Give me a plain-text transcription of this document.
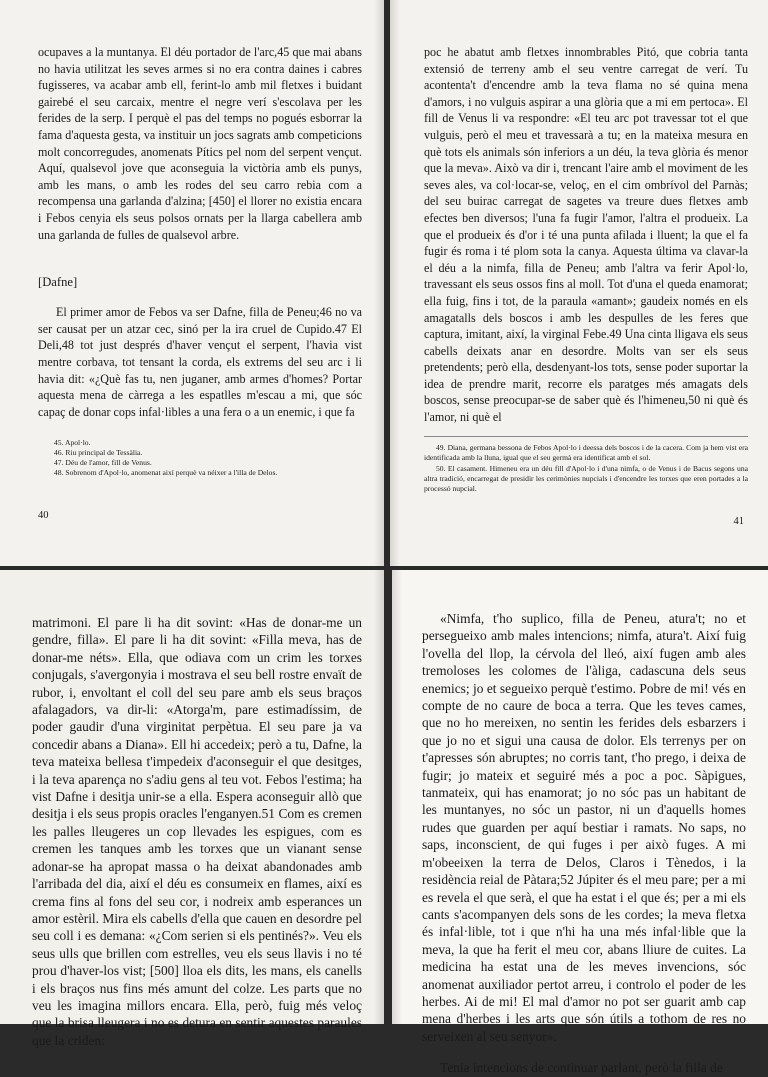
ocupaves a la muntanya. El déu portador de l'arc,45 que mai abans no havia utilitzat les seves armes si no era contra daines i cabres fugisseres, va acabar amb ell, ferint-lo amb mil fletxes i buidant gairebé el seu carcaix, mentre el negre verí s'escolava per les ferides de la serp. I perquè el pas del temps no pogués esborrar la fama d'aquesta gesta, va instituir un jocs sagrats amb competicions molt concorregudes, anomenats Pítics pel nom del serpent vençut. Aquí, qualsevol jove que aconseguia la victòria amb els punys, amb les mans, o amb les rodes del seu carro rebia com a recompensa una garlanda d'alzina; [450] el llorer no existia encara i Febos cenyia els seus polsos ornats per la llarga cabellera amb una garlanda de fulles de qualsevol arbre.

[Dafne]

El primer amor de Febos va ser Dafne, filla de Peneu;46 no va ser causat per un atzar cec, sinó per la ira cruel de Cupido.47 El Deli,48 tot just després d'haver vençut el serpent, l'havia vist mentre corbava, tot tensant la corda, els extrems del seu arc i li havia dit: «¿Què fas tu, nen juganer, amb armes d'homes? Portar aquesta mena de càrrega a les espatlles m'escau a mi, que sóc capaç de donar cops infal·libles a una fera o a un enemic, i que fa

45. Apol·lo.

46. Riu principal de Tessàlia.

47. Déu de l'amor, fill de Venus.

48. Sobrenom d'Apol·lo, anomenat així perquè va néixer a l'illa de Delos.

40

poc he abatut amb fletxes innombrables Pitó, que cobria tanta extensió de terreny amb el seu ventre carregat de verí. Tu acontenta't d'encendre amb la teva flama no sé quina mena d'amors, i no vulguis aspirar a una glòria que a mi em pertoca». El fill de Venus li va respondre: «El teu arc pot travessar tot el que vulguis, però el meu et travessarà a tu; en la mateixa mesura en què tots els animals són inferiors a un déu, la teva glòria és menor que la meva». Això va dir i, trencant l'aire amb el moviment de les seves ales, va col·locar-se, veloç, en el cim ombrívol del Parnàs; del seu buirac carregat de sagetes va treure dues fletxes amb efectes ben diversos; l'una fa fugir l'amor, l'altra el produeix. La que el produeix és d'or i té una punta afilada i lluent; la que el fa fugir és roma i té plom sota la canya. Aquesta última va clavar-la el déu a la nimfa, filla de Peneu; amb l'altra va ferir Apol·lo, travessant els seus ossos fins al moll. Tot d'una el queda enamorat; ella fuig, fins i tot, de la paraula «amant»; gaudeix només en els amagatalls dels boscos i amb les despulles de les feres que captura, imitant, així, la virginal Febe.49 Una cinta lligava els seus cabells deixats anar en desordre. Molts van ser els seus pretendents; però ella, desdenyant-los tots, sense poder suportar la idea de prendre marit, recorre els paratges més amagats dels boscos, sense preocupar-se de saber què és l'himeneu,50 ni què és l'amor, ni què el

49. Diana, germana bessona de Febos Apol·lo i deessa dels boscos i de la cacera. Com ja hem vist era identificada amb la lluna, igual que el seu germà era identificat amb el sol.

50. El casament. Himeneu era un déu fill d'Apol·lo i d'una nimfa, o de Venus i de Bacus segons una altra tradició, encarregat de presidir les cerimònies nupcials i d'encendre les torxes que eren portades a la processó nupcial.

41

matrimoni. El pare li ha dit sovint: «Has de donar-me un gendre, filla». El pare li ha dit sovint: «Filla meva, has de donar-me néts». Ella, que odiava com un crim les torxes conjugals, s'avergonyia i mostrava el seu bell rostre envaït de rubor, i, envoltant el coll del seu pare amb els seus braços afalagadors, va dir-li: «Atorga'm, pare estimadíssim, de poder gaudir d'una virginitat perpètua. El seu pare ja va concedir abans a Diana». Ell hi accedeix; però a tu, Dafne, la teva mateixa bellesa t'impedeix d'aconseguir el que desitges, i la teva aparença no s'adiu gens al teu vot. Febos l'estima; ha vist Dafne i desitja unir-se a ella. Espera aconseguir allò que desitja i els seus propis oracles l'enganyen.51 Com es cremen les palles lleugeres un cop llevades les espigues, com es cremen les tanques amb les torxes que un vianant sense adonar-se ha apropat massa o ha deixat abandonades amb l'arribada del dia, així el déu es consumeix en flames, així es crema fins al fons del seu cor, i nodreix amb esperances un amor estèril. Mira els cabells d'ella que cauen en desordre pel seu coll i es demana: «¿Com serien si els pentinés?». Veu els seus ulls que brillen com estrelles, veu els seus llavis i no té prou d'haver-los vist; [500] lloa els dits, les mans, els canells i els braços nus fins més amunt del colze. Les parts que no veu les imagina millors encara. Ella, però, fuig més veloç que la brisa lleugera i no es detura en sentir aquestes paraules que la criden:

«Nimfa, t'ho suplico, filla de Peneu, atura't; no et persegueixo amb males intencions; nimfa, atura't. Així fuig l'ovella del llop, la cérvola del lleó, així fugen amb ales tremoloses les colomes de l'àliga, cadascuna dels seus enemics; jo et segueixo perquè t'estimo. Pobre de mi! vés en compte de no caure de boca a terra. Que les teves cames, que no ho mereixen, no sentin les ferides dels esbarzers i que jo no et sigui una causa de dolor. Els terrenys per on t'apresses són abruptes; no corris tant, t'ho prego, i deixa de fugir; jo mateix et seguiré més a poc a poc. Sàpigues, tanmateix, qui has enamorat; jo no sóc pas un habitant de les muntanyes, no sóc un pastor, ni un d'aquells homes rudes que guarden per aquí bestiar i ramats. No saps, no saps, inconscient, de qui fuges i per això fuges. A mi m'obeeixen la terra de Delos, Claros i Tènedos, i la residència reial de Pàtara;52 Júpiter és el meu pare; per a mi es revela el que serà, el que ha estat i el que és; per a mi els cants s'acompanyen dels sons de les cordes; la meva fletxa és infal·lible, tot i que n'hi ha una més infal·lible que la meva, la que ha ferit el meu cor, abans lliure de cuites. La medicina ha estat una de les meves invencions, sóc anomenat auxiliador pertot arreu, i controlo el poder de les herbes. Ai de mi! El mal d'amor no pot ser guarit amb cap mena d'herbes i les arts que són útils a tothom de res no serveixen al seu senyor».

Tenia intencions de continuar parlant, però la filla de
